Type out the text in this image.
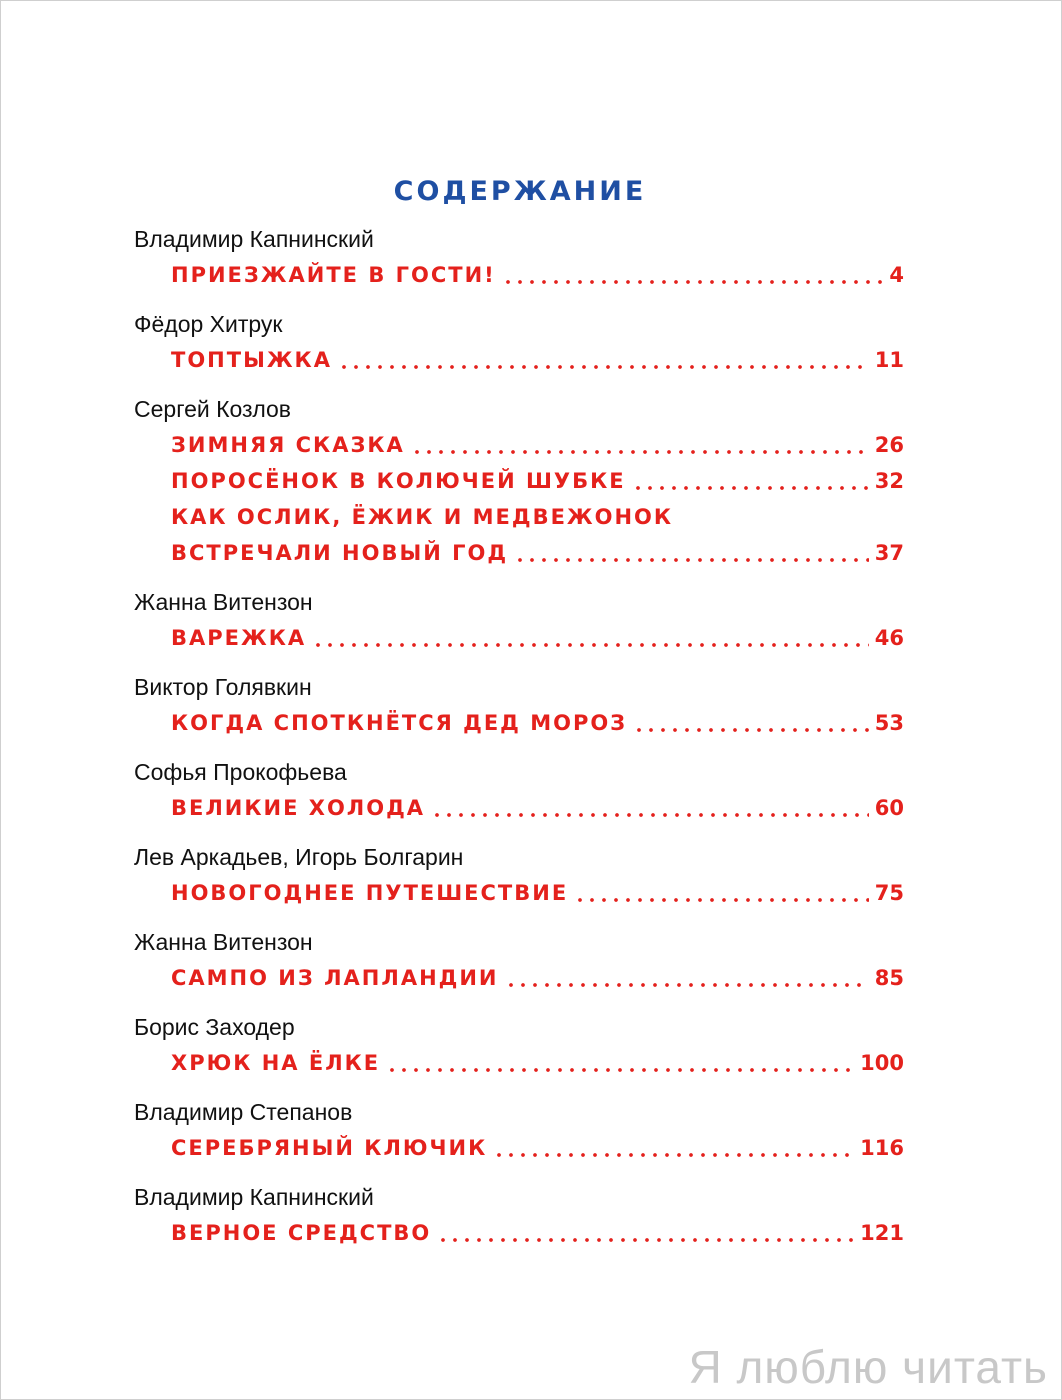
содержание
Владимир Капнинский
ПРИЕЗЖАЙТЕ В ГОСТИ!	4
Фёдор Хитрук
ТОПТЫЖКА	11
Сергей Козлов
ЗИМНЯЯ СКАЗКА	26
ПОРОСЁНОК В КОЛЮЧЕЙ ШУБКЕ	32
КАК ОСЛИК, ЁЖИК И МЕДВЕЖОНОК
ВСТРЕЧАЛИ НОВЫЙ ГОД	37
Жанна Витензон
ВАРЕЖКА	46
Виктор Голявкин
КОГДА СПОТКНЁТСЯ ДЕД МОРОЗ	53
Софья Прокофьева
ВЕЛИКИЕ ХОЛОДА	60
Лев Аркадьев, Игорь Болгарин
НОВОГОДНЕЕ ПУТЕШЕСТВИЕ	75
Жанна Витензон
САМПО ИЗ ЛАПЛАНДИИ	85
Борис Заходер
ХРЮК НА ЁЛКЕ	100
Владимир Степанов
СЕРЕБРЯНЫЙ КЛЮЧИК	116
Владимир Капнинский
ВЕРНОЕ СРЕДСТВО	121
Я люблю читать
